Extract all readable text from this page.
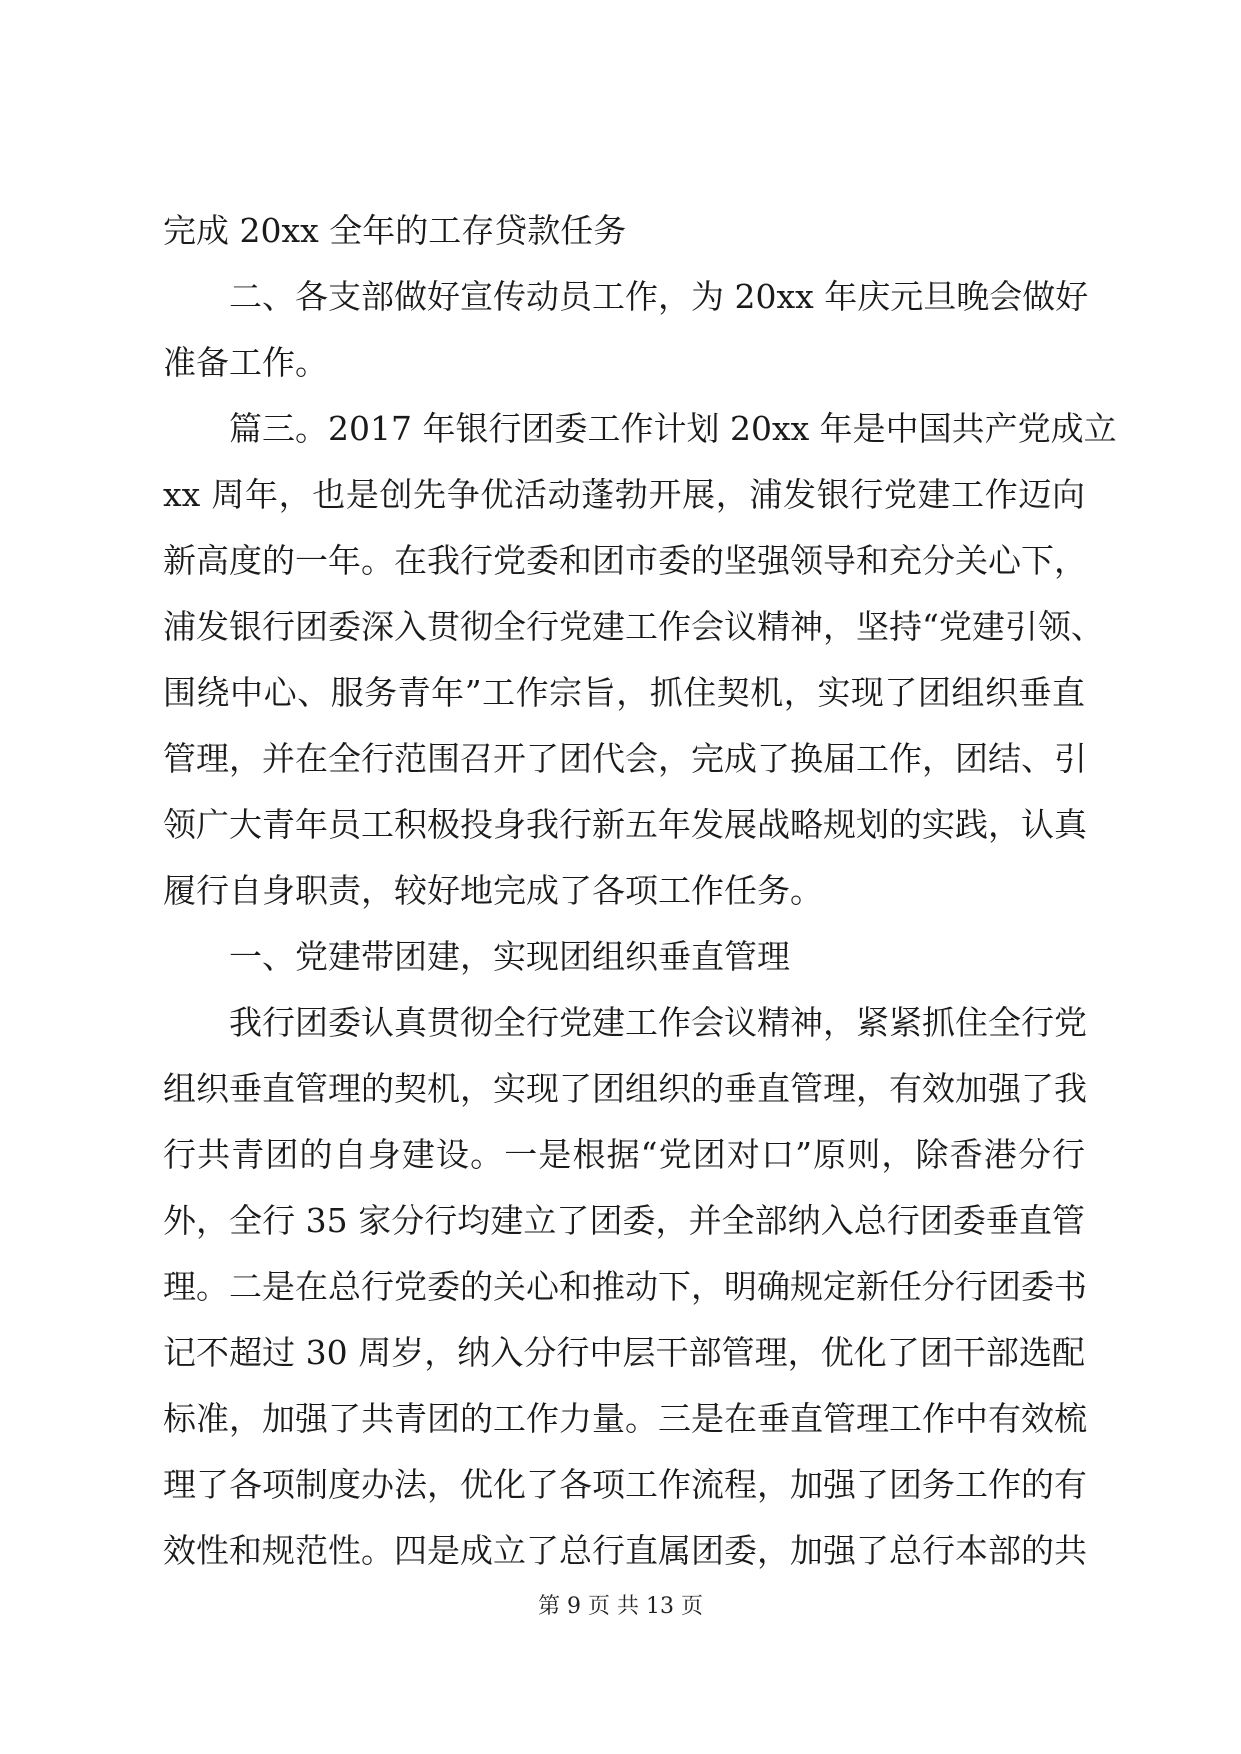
完成 20xx 全年的工存贷款任务
二、各支部做好宣传动员工作，为 20xx 年庆元旦晚会做好
准备工作。
篇三。2017 年银行团委工作计划 20xx 年是中国共产党成立
xx 周年，也是创先争优活动蓬勃开展，浦发银行党建工作迈向
新高度的一年。在我行党委和团市委的坚强领导和充分关心下，
浦发银行团委深入贯彻全行党建工作会议精神，坚持“党建引领、
围绕中心、服务青年”工作宗旨，抓住契机，实现了团组织垂直
管理，并在全行范围召开了团代会，完成了换届工作，团结、引
领广大青年员工积极投身我行新五年发展战略规划的实践，认真
履行自身职责，较好地完成了各项工作任务。
一、党建带团建，实现团组织垂直管理
我行团委认真贯彻全行党建工作会议精神，紧紧抓住全行党
组织垂直管理的契机，实现了团组织的垂直管理，有效加强了我
行共青团的自身建设。一是根据“党团对口”原则，除香港分行
外，全行 35 家分行均建立了团委，并全部纳入总行团委垂直管
理。二是在总行党委的关心和推动下，明确规定新任分行团委书
记不超过 30 周岁，纳入分行中层干部管理，优化了团干部选配
标准，加强了共青团的工作力量。三是在垂直管理工作中有效梳
理了各项制度办法，优化了各项工作流程，加强了团务工作的有
效性和规范性。四是成立了总行直属团委，加强了总行本部的共
第 9 页 共 13 页
